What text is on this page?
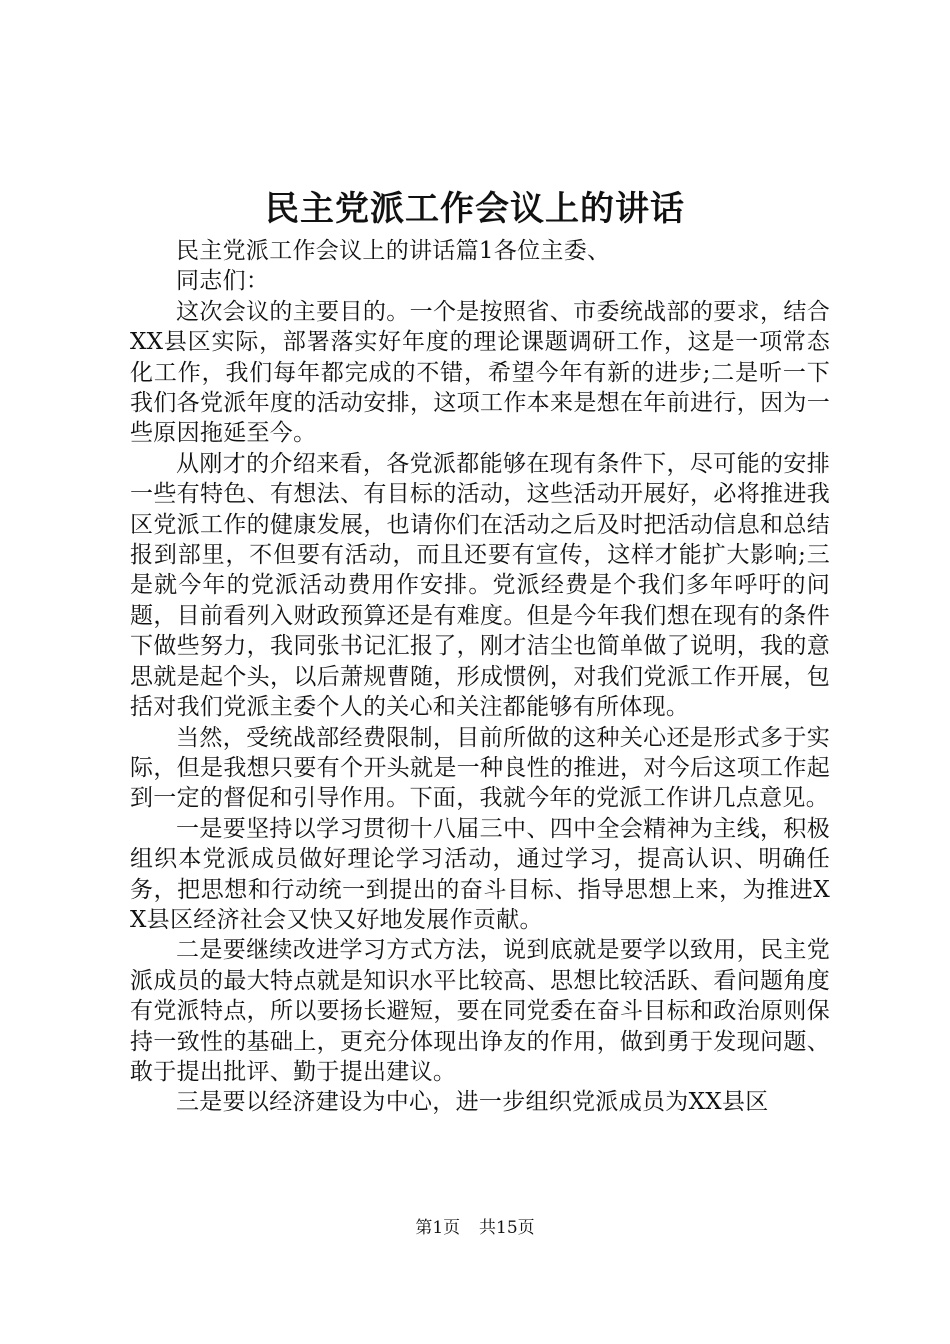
民主党派工作会议上的讲话

民主党派工作会议上的讲话篇1各位主委、

同志们：

这次会议的主要目的。一个是按照省、市委统战部的要求，结合XX县区实际，部署落实好年度的理论课题调研工作，这是一项常态化工作，我们每年都完成的不错，希望今年有新的进步;二是听一下我们各党派年度的活动安排，这项工作本来是想在年前进行，因为一些原因拖延至今。

从刚才的介绍来看，各党派都能够在现有条件下，尽可能的安排一些有特色、有想法、有目标的活动，这些活动开展好，必将推进我区党派工作的健康发展，也请你们在活动之后及时把活动信息和总结报到部里，不但要有活动，而且还要有宣传，这样才能扩大影响;三是就今年的党派活动费用作安排。党派经费是个我们多年呼吁的问题，目前看列入财政预算还是有难度。但是今年我们想在现有的条件下做些努力，我同张书记汇报了，刚才洁尘也简单做了说明，我的意思就是起个头，以后萧规曹随，形成惯例，对我们党派工作开展，包括对我们党派主委个人的关心和关注都能够有所体现。

当然，受统战部经费限制，目前所做的这种关心还是形式多于实际，但是我想只要有个开头就是一种良性的推进，对今后这项工作起到一定的督促和引导作用。下面，我就今年的党派工作讲几点意见。

一是要坚持以学习贯彻十八届三中、四中全会精神为主线，积极组织本党派成员做好理论学习活动，通过学习，提高认识、明确任务，把思想和行动统一到提出的奋斗目标、指导思想上来，为推进XX县区经济社会又快又好地发展作贡献。

二是要继续改进学习方式方法，说到底就是要学以致用，民主党派成员的最大特点就是知识水平比较高、思想比较活跃、看问题角度有党派特点，所以要扬长避短，要在同党委在奋斗目标和政治原则保持一致性的基础上，更充分体现出诤友的作用，做到勇于发现问题、敢于提出批评、勤于提出建议。

三是要以经济建设为中心，进一步组织党派成员为XX县区

第1页 共15页
